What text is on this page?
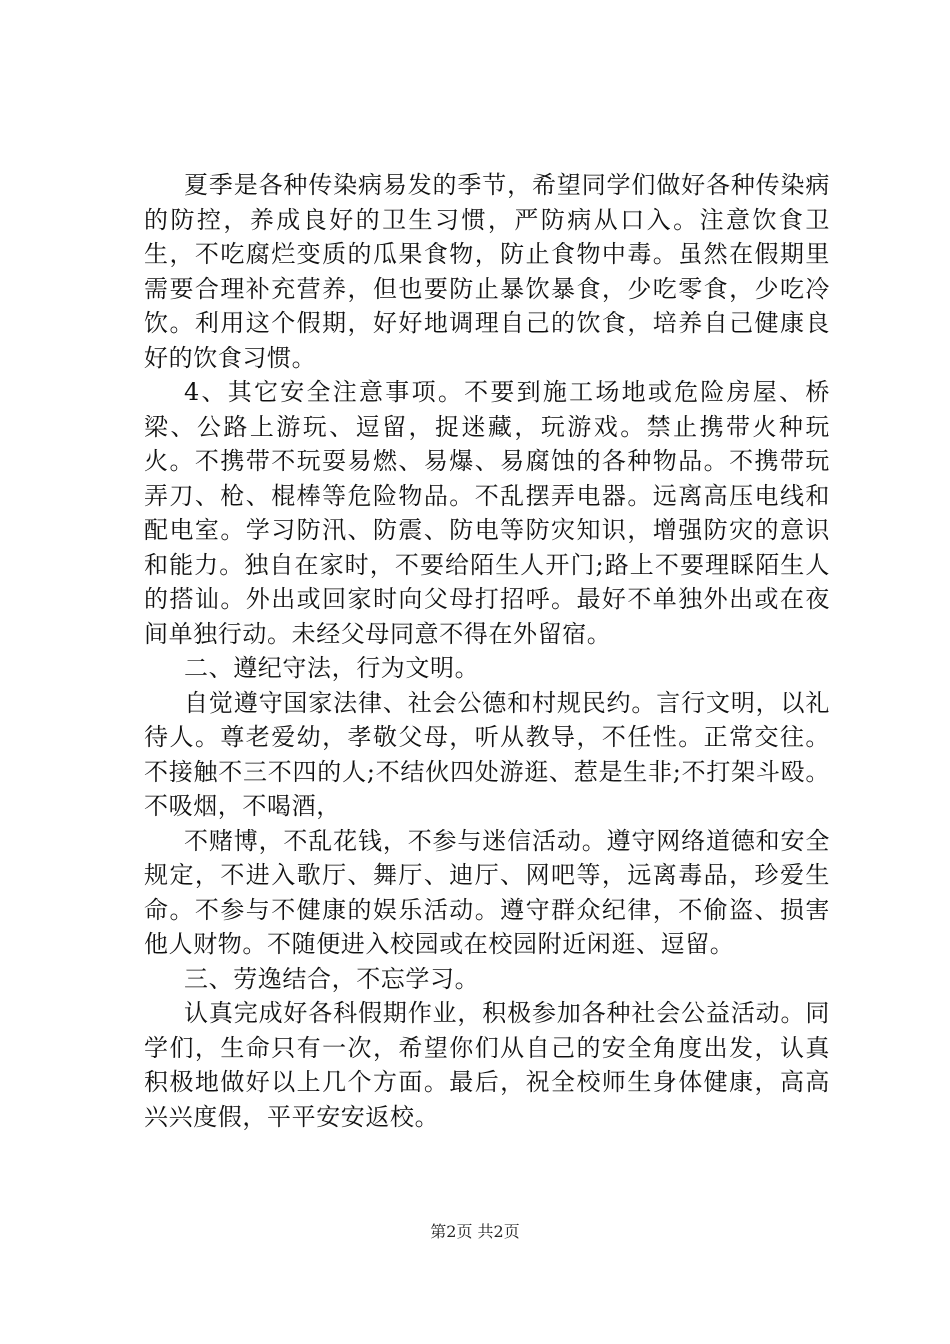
夏季是各种传染病易发的季节，希望同学们做好各种传染病的防控，养成良好的卫生习惯，严防病从口入。注意饮食卫生，不吃腐烂变质的瓜果食物，防止食物中毒。虽然在假期里需要合理补充营养，但也要防止暴饮暴食，少吃零食，少吃冷饮。利用这个假期，好好地调理自己的饮食，培养自己健康良好的饮食习惯。

4、其它安全注意事项。不要到施工场地或危险房屋、桥梁、公路上游玩、逗留，捉迷藏，玩游戏。禁止携带火种玩火。不携带不玩耍易燃、易爆、易腐蚀的各种物品。不携带玩弄刀、枪、棍棒等危险物品。不乱摆弄电器。远离高压电线和配电室。学习防汛、防震、防电等防灾知识，增强防灾的意识和能力。独自在家时，不要给陌生人开门;路上不要理睬陌生人的搭讪。外出或回家时向父母打招呼。最好不单独外出或在夜间单独行动。未经父母同意不得在外留宿。

二、遵纪守法，行为文明。

自觉遵守国家法律、社会公德和村规民约。言行文明，以礼待人。尊老爱幼，孝敬父母，听从教导，不任性。正常交往。不接触不三不四的人;不结伙四处游逛、惹是生非;不打架斗殴。不吸烟，不喝酒，

不赌博，不乱花钱，不参与迷信活动。遵守网络道德和安全规定，不进入歌厅、舞厅、迪厅、网吧等，远离毒品，珍爱生命。不参与不健康的娱乐活动。遵守群众纪律，不偷盗、损害他人财物。不随便进入校园或在校园附近闲逛、逗留。

三、劳逸结合，不忘学习。

认真完成好各科假期作业，积极参加各种社会公益活动。同学们，生命只有一次，希望你们从自己的安全角度出发，认真积极地做好以上几个方面。最后，祝全校师生身体健康，高高兴兴度假，平平安安返校。

第2页 共2页
